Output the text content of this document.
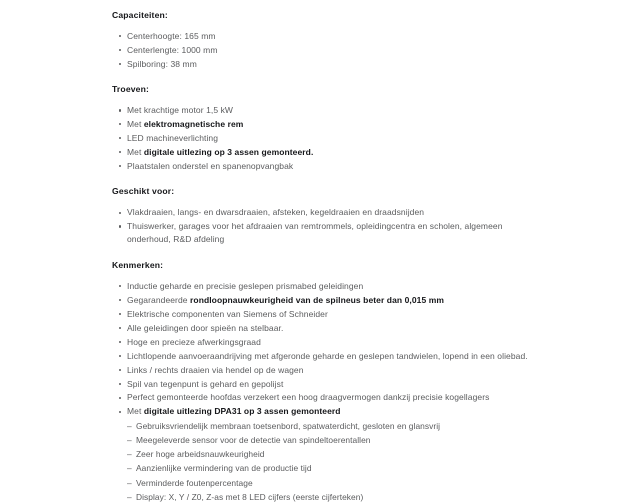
Capaciteiten:
Centerhoogte: 165 mm
Centerlengte: 1000 mm
Spilboring: 38 mm
Troeven:
Met krachtige motor 1,5 kW
Met elektromagnetische rem
LED machineverlichting
Met digitale uitlezing op 3 assen gemonteerd.
Plaatstalen onderstel en spanenopvangbak
Geschikt voor:
Vlakdraaien, langs- en dwarsdraaien, afsteken, kegeldraaien en draadsnijden
Thuiswerker, garages voor het afdraaien van remtrommels, opleidingcentra en scholen, algemeen onderhoud, R&D afdeling
Kenmerken:
Inductie geharde en precisie geslepen prismabed geleidingen
Gegarandeerde rondloopnauwkeurigheid van de spilneus beter dan 0,015 mm
Elektrische componenten van Siemens of Schneider
Alle geleidingen door spieën na stelbaar.
Hoge en precieze afwerkingsgraad
Lichtlopende aanvoeraandrijving met afgeronde geharde en geslepen tandwielen, lopend in een oliebad.
Links / rechts draaien via hendel op de wagen
Spil van tegenpunt is gehard en gepolijst
Perfect gemonteerde hoofdas verzekert een hoog draagvermogen dankzij precisie kogellagers
Met digitale uitlezing DPA31 op 3 assen gemonteerd
– Gebruiksvriendelijk membraan toetsenbord, spatwaterdicht, gesloten en glansvrij
– Meegeleverde sensor voor de detectie van spindeltoerentallen
– Zeer hoge arbeidsnauwkeurigheid
– Aanzienlijke vermindering van de productie tijd
– Verminderde foutenpercentage
– Display: X, Y / Z0, Z-as met 8 LED cijfers (eerste cijferteken)
